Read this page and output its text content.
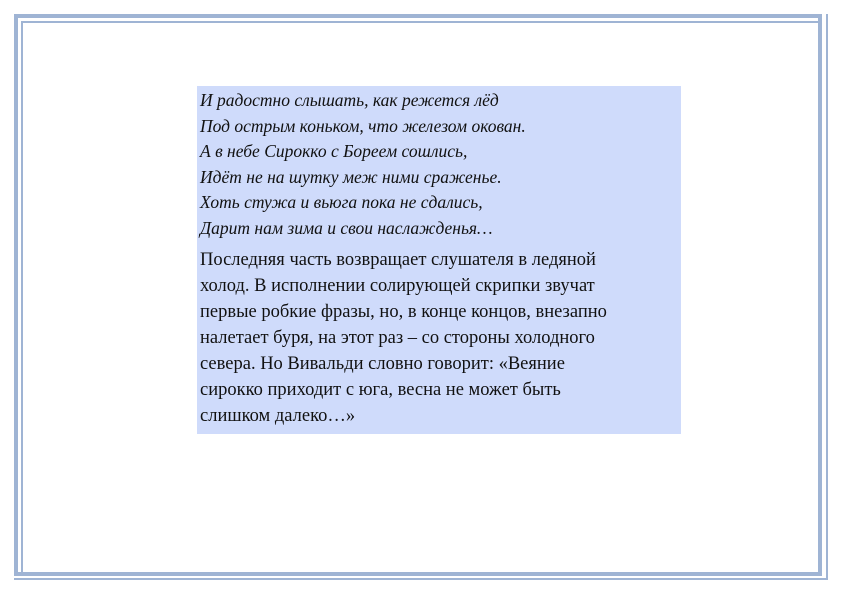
И радостно слышать, как режется лёд

Под острым коньком, что железом окован.

А в небе Сирокко с Бореем сошлись,

Идёт не на шутку меж ними сраженье.

Хоть стужа и вьюга пока не сдались,

Дарит нам зима и свои наслажденья…

Последняя часть возвращает слушателя в ледяной
холод. В исполнении солирующей скрипки звучат
первые робкие фразы, но, в конце концов, внезапно
налетает буря, на этот раз – со стороны холодного
севера. Но Вивальди словно говорит: «Веяние
сирокко приходит с юга, весна не может быть
слишком далеко…»
